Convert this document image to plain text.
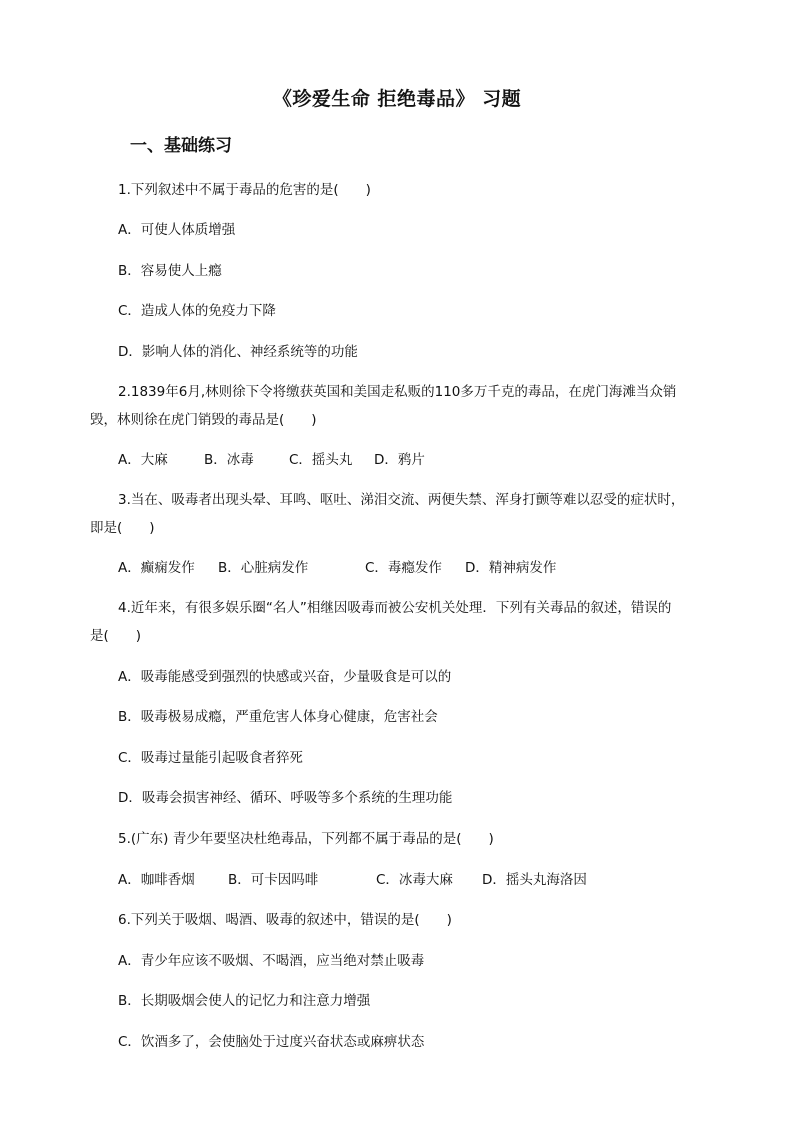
《珍爱生命 拒绝毒品》 习题
一、基础练习
1.下列叙述中不属于毒品的危害的是(　　)
A．可使人体质增强
B．容易使人上瘾
C．造成人体的免疫力下降
D．影响人体的消化、神经系统等的功能
2.1839年6月,林则徐下令将缴获英国和美国走私贩的110多万千克的毒品，在虎门海滩当众销
毁，林则徐在虎门销毁的毒品是(　　)
A．大麻	B．冰毒	C．摇头丸 D．鸦片
3.当在、吸毒者出现头晕、耳鸣、呕吐、涕泪交流、两便失禁、浑身打颤等难以忍受的症状时，
即是(　　)
A．癫痫发作 B．心脏病发作	C．毒瘾发作 D．精神病发作
4.近年来，有很多娱乐圈“名人”相继因吸毒而被公安机关处理．下列有关毒品的叙述，错误的
是(　　)
A．吸毒能感受到强烈的快感或兴奋，少量吸食是可以的
B．吸毒极易成瘾，严重危害人体身心健康，危害社会
C．吸毒过量能引起吸食者猝死
D．吸毒会损害神经、循环、呼吸等多个系统的生理功能
5.(广东) 青少年要坚决杜绝毒品，下列都不属于毒品的是(　　)
A．咖啡香烟 B．可卡因吗啡	C．冰毒大麻 D．摇头丸海洛因
6.下列关于吸烟、喝酒、吸毒的叙述中，错误的是(　　)
A．青少年应该不吸烟、不喝酒，应当绝对禁止吸毒
B．长期吸烟会使人的记忆力和注意力增强
C．饮酒多了，会使脑处于过度兴奋状态或麻痹状态
